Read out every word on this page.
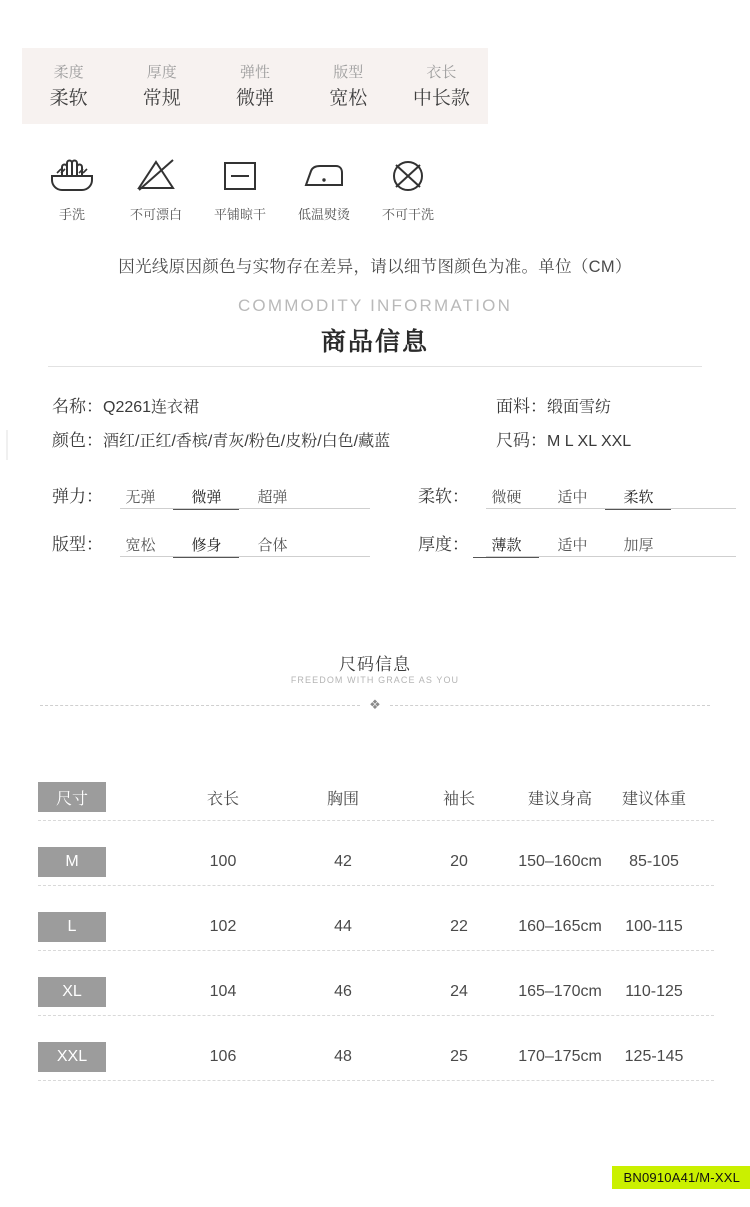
柔度
柔软
厚度
常规
弹性
微弹
版型
宽松
衣长
中长款
手洗	不可漂白 平铺晾干 低温熨烫 不可干洗
因光线原因颜色与实物存在差异，请以细节图颜色为准。单位（CM）
COMMODITY INFORMATION
商品信息
名称：Q2261连衣裙	面料：缎面雪纺
颜色：酒红/正红/香槟/青灰/粉色/皮粉/白色/藏蓝	尺码：M L XL XXL
弹力： 无弹 微弹 超弹	柔软： 微硬 适中 柔软
版型： 宽松 修身 合体	厚度： 薄款 适中 加厚
尺码信息
FREEDOM WITH GRACE AS YOU
❖
尺寸	衣长	胸围	袖长	建议身高	建议体重
M	100	42	20	150–160cm	85-105
L	102	44	22	160–165cm	100-115
XL	104	46	24	165–170cm	110-125
XXL	106	48	25	170–175cm	125-145
BN0910A41/M-XXL
